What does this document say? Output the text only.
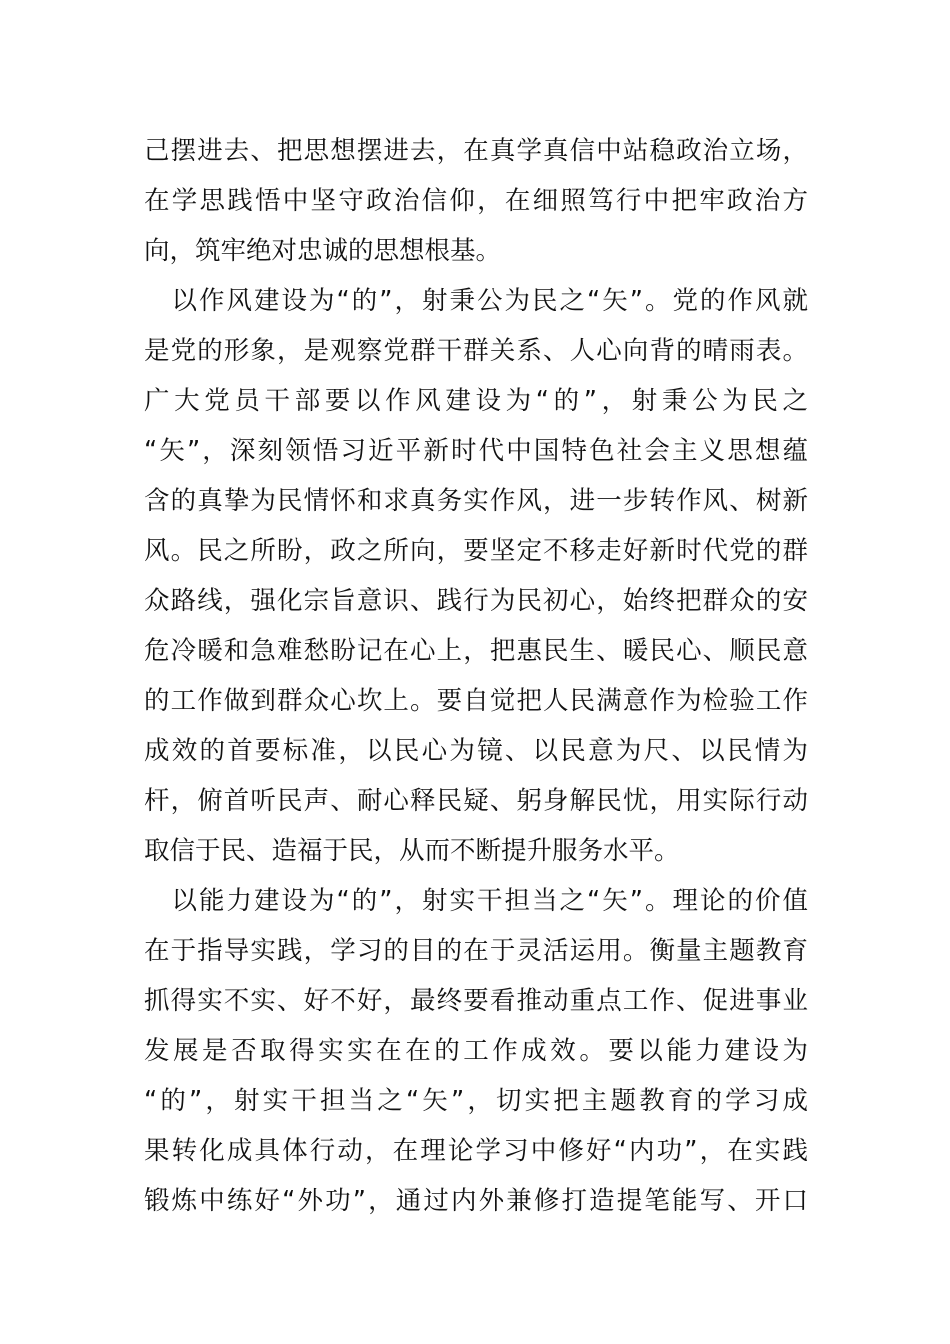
己摆进去、把思想摆进去，在真学真信中站稳政治立场，
在学思践悟中坚守政治信仰，在细照笃行中把牢政治方
向，筑牢绝对忠诚的思想根基。
　以作风建设为“的”，射秉公为民之“矢”。党的作风就
是党的形象，是观察党群干群关系、人心向背的晴雨表。
广大党员干部要以作风建设为“的”，射秉公为民之
“矢”，深刻领悟习近平新时代中国特色社会主义思想蕴
含的真挚为民情怀和求真务实作风，进一步转作风、树新
风。民之所盼，政之所向，要坚定不移走好新时代党的群
众路线，强化宗旨意识、践行为民初心，始终把群众的安
危冷暖和急难愁盼记在心上，把惠民生、暖民心、顺民意
的工作做到群众心坎上。要自觉把人民满意作为检验工作
成效的首要标准，以民心为镜、以民意为尺、以民情为
杆，俯首听民声、耐心释民疑、躬身解民忧，用实际行动
取信于民、造福于民，从而不断提升服务水平。
　以能力建设为“的”，射实干担当之“矢”。理论的价值
在于指导实践，学习的目的在于灵活运用。衡量主题教育
抓得实不实、好不好，最终要看推动重点工作、促进事业
发展是否取得实实在在的工作成效。要以能力建设为
“的”，射实干担当之“矢”，切实把主题教育的学习成
果转化成具体行动，在理论学习中修好“内功”，在实践
锻炼中练好“外功”，通过内外兼修打造提笔能写、开口
